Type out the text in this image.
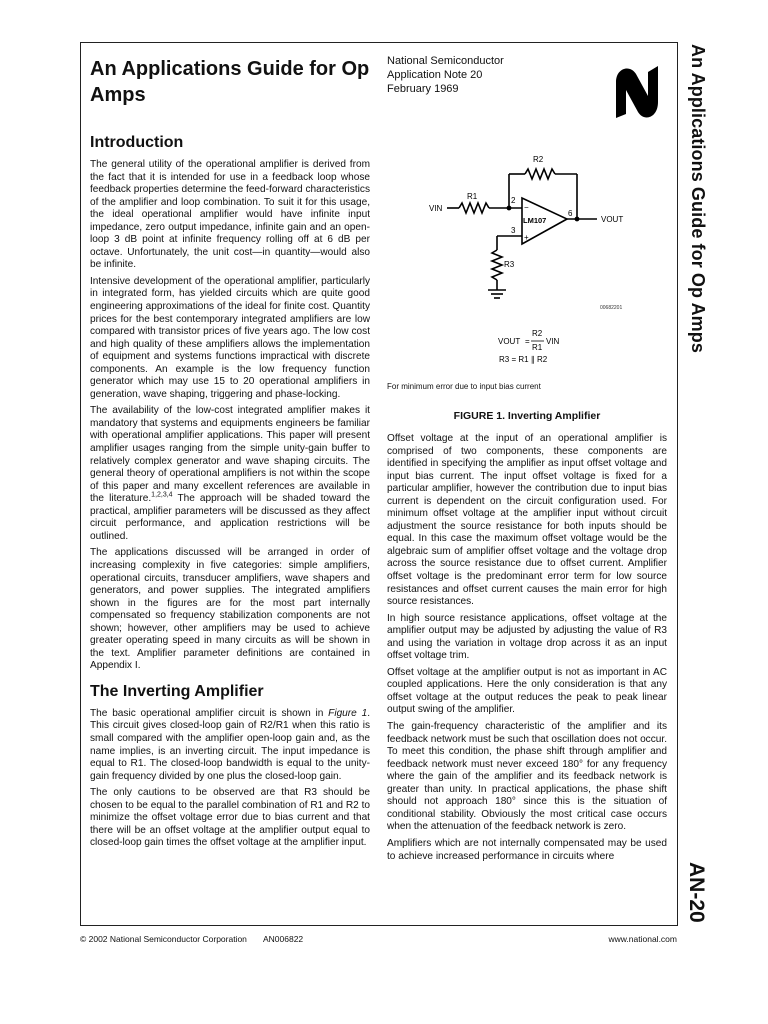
An Applications Guide for Op Amps
National Semiconductor
Application Note 20
February 1969	An Applications Guide for Op Amps
AN-20
Introduction

The general utility of the operational amplifier is derived from the fact that it is intended for use in a feedback loop whose feedback properties determine the feed-forward characteristics of the amplifier and loop combination. To suit it for this usage, the ideal operational amplifier would have infinite input impedance, zero output impedance, infinite gain and an open-loop 3 dB point at infinite frequency rolling off at 6 dB per octave. Unfortunately, the unit cost—in quantity—would also be infinite.

Intensive development of the operational amplifier, particularly in integrated form, has yielded circuits which are quite good engineering approximations of the ideal for finite cost. Quantity prices for the best contemporary integrated amplifiers are low compared with transistor prices of five years ago. The low cost and high quality of these amplifiers allows the implementation of equipment and systems functions impractical with discrete components. An example is the low frequency function generator which may use 15 to 20 operational amplifiers in generation, wave shaping, triggering and phase-locking.

The availability of the low-cost integrated amplifier makes it mandatory that systems and equipments engineers be familiar with operational amplifier applications. This paper will present amplifier usages ranging from the simple unity-gain buffer to relatively complex generator and wave shaping circuits. The general theory of operational amplifiers is not within the scope of this paper and many excellent references are available in the literature.$^{1,2,3,4}$ The approach will be shaded toward the practical, amplifier parameters will be discussed as they affect circuit performance, and application restrictions will be outlined.

The applications discussed will be arranged in order of increasing complexity in five categories: simple amplifiers, operational circuits, transducer amplifiers, wave shapers and generators, and power supplies. The integrated amplifiers shown in the figures are for the most part internally compensated so frequency stabilization components are not shown; however, other amplifiers may be used to achieve greater operating speed in many circuits as will be shown in the text. Amplifier parameter definitions are contained in Appendix I.

The Inverting Amplifier

The basic operational amplifier circuit is shown in Figure 1. This circuit gives closed-loop gain of R2/R1 when this ratio is small compared with the amplifier open-loop gain and, as the name implies, is an inverting circuit. The input impedance is equal to R1. The closed-loop bandwidth is equal to the unity-gain frequency divided by one plus the closed-loop gain.

The only cautions to be observed are that R3 should be chosen to be equal to the parallel combination of R1 and R2 to minimize the offset voltage error due to bias current and that there will be an offset voltage at the amplifier output equal to closed-loop gain times the offset voltage at the amplifier input.

VIN
R1
R2
R3
2
3
6
−
+
LM107	VOUT
VOUT =
R2
R1
VIN
R3 = R1 ∥ R2
00682201
For minimum error due to input bias current
FIGURE 1. Inverting Amplifier

Offset voltage at the input of an operational amplifier is comprised of two components, these components are identified in specifying the amplifier as input offset voltage and input bias current. The input offset voltage is fixed for a particular amplifier, however the contribution due to input bias current is dependent on the circuit configuration used. For minimum offset voltage at the amplifier input without circuit adjustment the source resistance for both inputs should be equal. In this case the maximum offset voltage would be the algebraic sum of amplifier offset voltage and the voltage drop across the source resistance due to offset current. Amplifier offset voltage is the predominant error term for low source resistances and offset current causes the main error for high source resistances.

In high source resistance applications, offset voltage at the amplifier output may be adjusted by adjusting the value of R3 and using the variation in voltage drop across it as an input offset voltage trim.

Offset voltage at the amplifier output is not as important in AC coupled applications. Here the only consideration is that any offset voltage at the output reduces the peak to peak linear output swing of the amplifier.

The gain-frequency characteristic of the amplifier and its feedback network must be such that oscillation does not occur. To meet this condition, the phase shift through amplifier and feedback network must never exceed 180° for any frequency where the gain of the amplifier and its feedback network is greater than unity. In practical applications, the phase shift should not approach 180° since this is the situation of conditional stability. Obviously the most critical case occurs when the attenuation of the feedback network is zero.

Amplifiers which are not internally compensated may be used to achieve increased performance in circuits where

© 2002 National Semiconductor Corporation AN006822	www.national.com
